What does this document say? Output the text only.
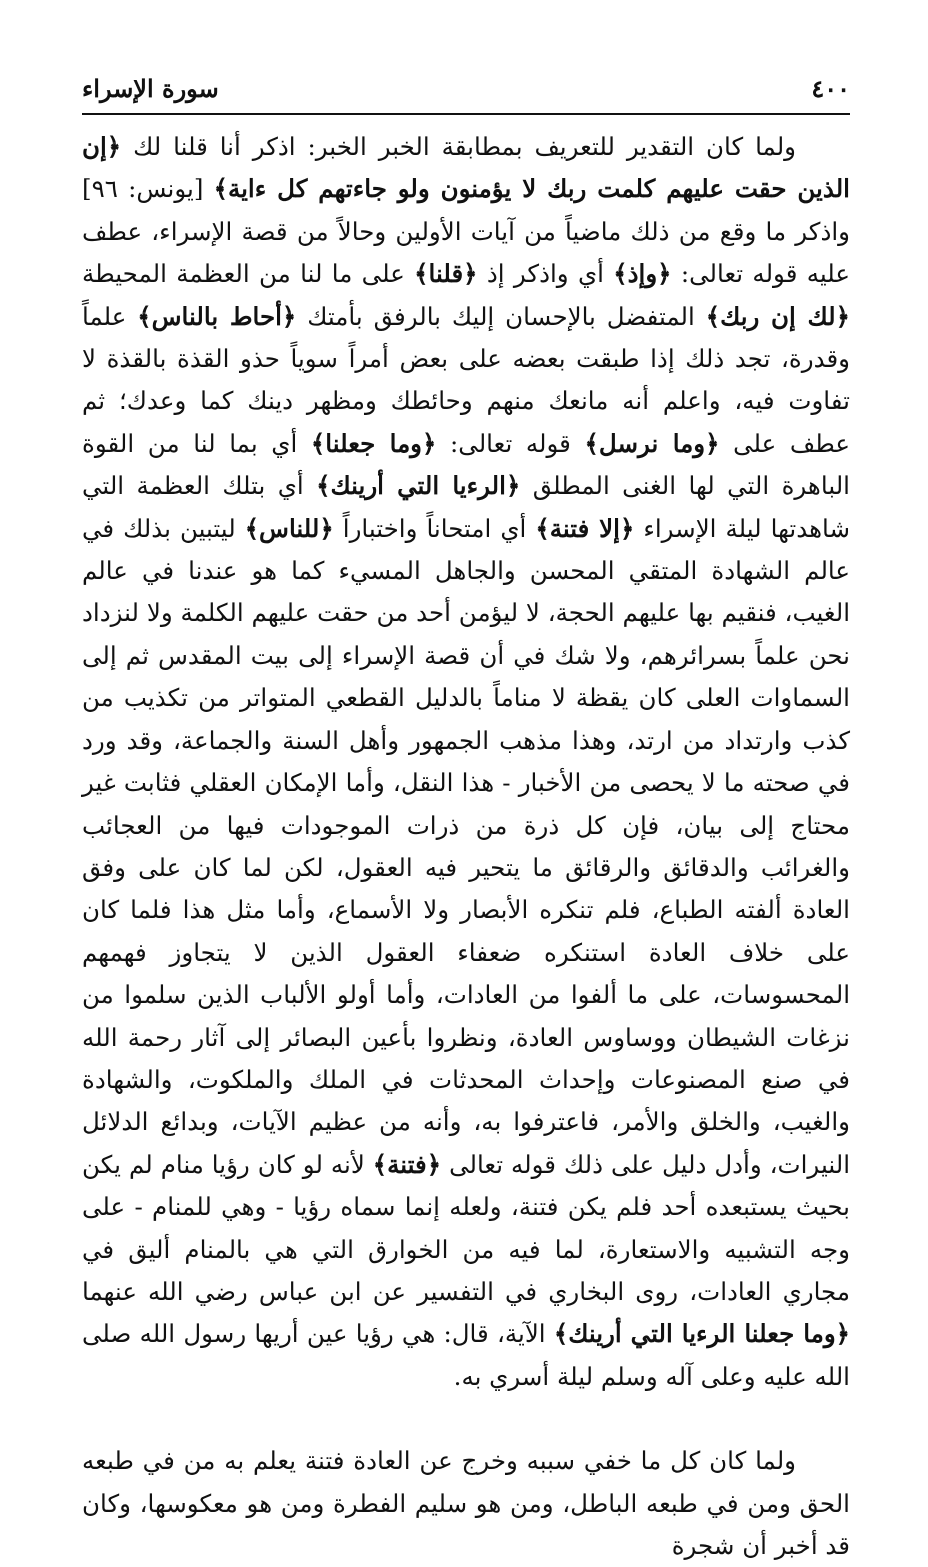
٤٠٠
سورة الإسراء

ولما كان التقدير للتعريف بمطابقة الخبر الخبر: اذكر أنا قلنا لك ﴿إن الذين حقت عليهم كلمت ربك لا يؤمنون ولو جاءتهم كل ءاية﴾ [يونس: ٩٦] واذكر ما وقع من ذلك ماضياً من آيات الأولين وحالاً من قصة الإسراء، عطف عليه قوله تعالى: ﴿وإذ﴾ أي واذكر إذ ﴿قلنا﴾ على ما لنا من العظمة المحيطة ﴿لك إن ربك﴾ المتفضل بالإحسان إليك بالرفق بأمتك ﴿أحاط بالناس﴾ علماً وقدرة، تجد ذلك إذا طبقت بعضه على بعض أمراً سوياً حذو القذة بالقذة لا تفاوت فيه، واعلم أنه مانعك منهم وحائطك ومظهر دينك كما وعدك؛ ثم عطف على ﴿وما نرسل﴾ قوله تعالى: ﴿وما جعلنا﴾ أي بما لنا من القوة الباهرة التي لها الغنى المطلق ﴿الرءيا التي أرينك﴾ أي بتلك العظمة التي شاهدتها ليلة الإسراء ﴿إلا فتنة﴾ أي امتحاناً واختباراً ﴿للناس﴾ ليتبين بذلك في عالم الشهادة المتقي المحسن والجاهل المسيء كما هو عندنا في عالم الغيب، فنقيم بها عليهم الحجة، لا ليؤمن أحد من حقت عليهم الكلمة ولا لنزداد نحن علماً بسرائرهم، ولا شك في أن قصة الإسراء إلى بيت المقدس ثم إلى السماوات العلى كان يقظة لا مناماً بالدليل القطعي المتواتر من تكذيب من كذب وارتداد من ارتد، وهذا مذهب الجمهور وأهل السنة والجماعة، وقد ورد في صحته ما لا يحصى من الأخبار - هذا النقل، وأما الإمكان العقلي فثابت غير محتاج إلى بيان، فإن كل ذرة من ذرات الموجودات فيها من العجائب والغرائب والدقائق والرقائق ما يتحير فيه العقول، لكن لما كان على وفق العادة ألفته الطباع، فلم تنكره الأبصار ولا الأسماع، وأما مثل هذا فلما كان على خلاف العادة استنكره ضعفاء العقول الذين لا يتجاوز فهمهم المحسوسات، على ما ألفوا من العادات، وأما أولو الألباب الذين سلموا من نزغات الشيطان ووساوس العادة، ونظروا بأعين البصائر إلى آثار رحمة الله في صنع المصنوعات وإحداث المحدثات في الملك والملكوت، والشهادة والغيب، والخلق والأمر، فاعترفوا به، وأنه من عظيم الآيات، وبدائع الدلائل النيرات، وأدل دليل على ذلك قوله تعالى ﴿فتنة﴾ لأنه لو كان رؤيا منام لم يكن بحيث يستبعده أحد فلم يكن فتنة، ولعله إنما سماه رؤيا - وهي للمنام - على وجه التشبيه والاستعارة، لما فيه من الخوارق التي هي بالمنام أليق في مجاري العادات، روى البخاري في التفسير عن ابن عباس رضي الله عنهما ﴿وما جعلنا الرءيا التي أرينك﴾ الآية، قال: هي رؤيا عين أريها رسول الله صلى الله عليه وعلى آله وسلم ليلة أسري به.

ولما كان كل ما خفي سببه وخرج عن العادة فتنة يعلم به من في طبعه الحق ومن في طبعه الباطل، ومن هو سليم الفطرة ومن هو معكوسها، وكان قد أخبر أن شجرة
